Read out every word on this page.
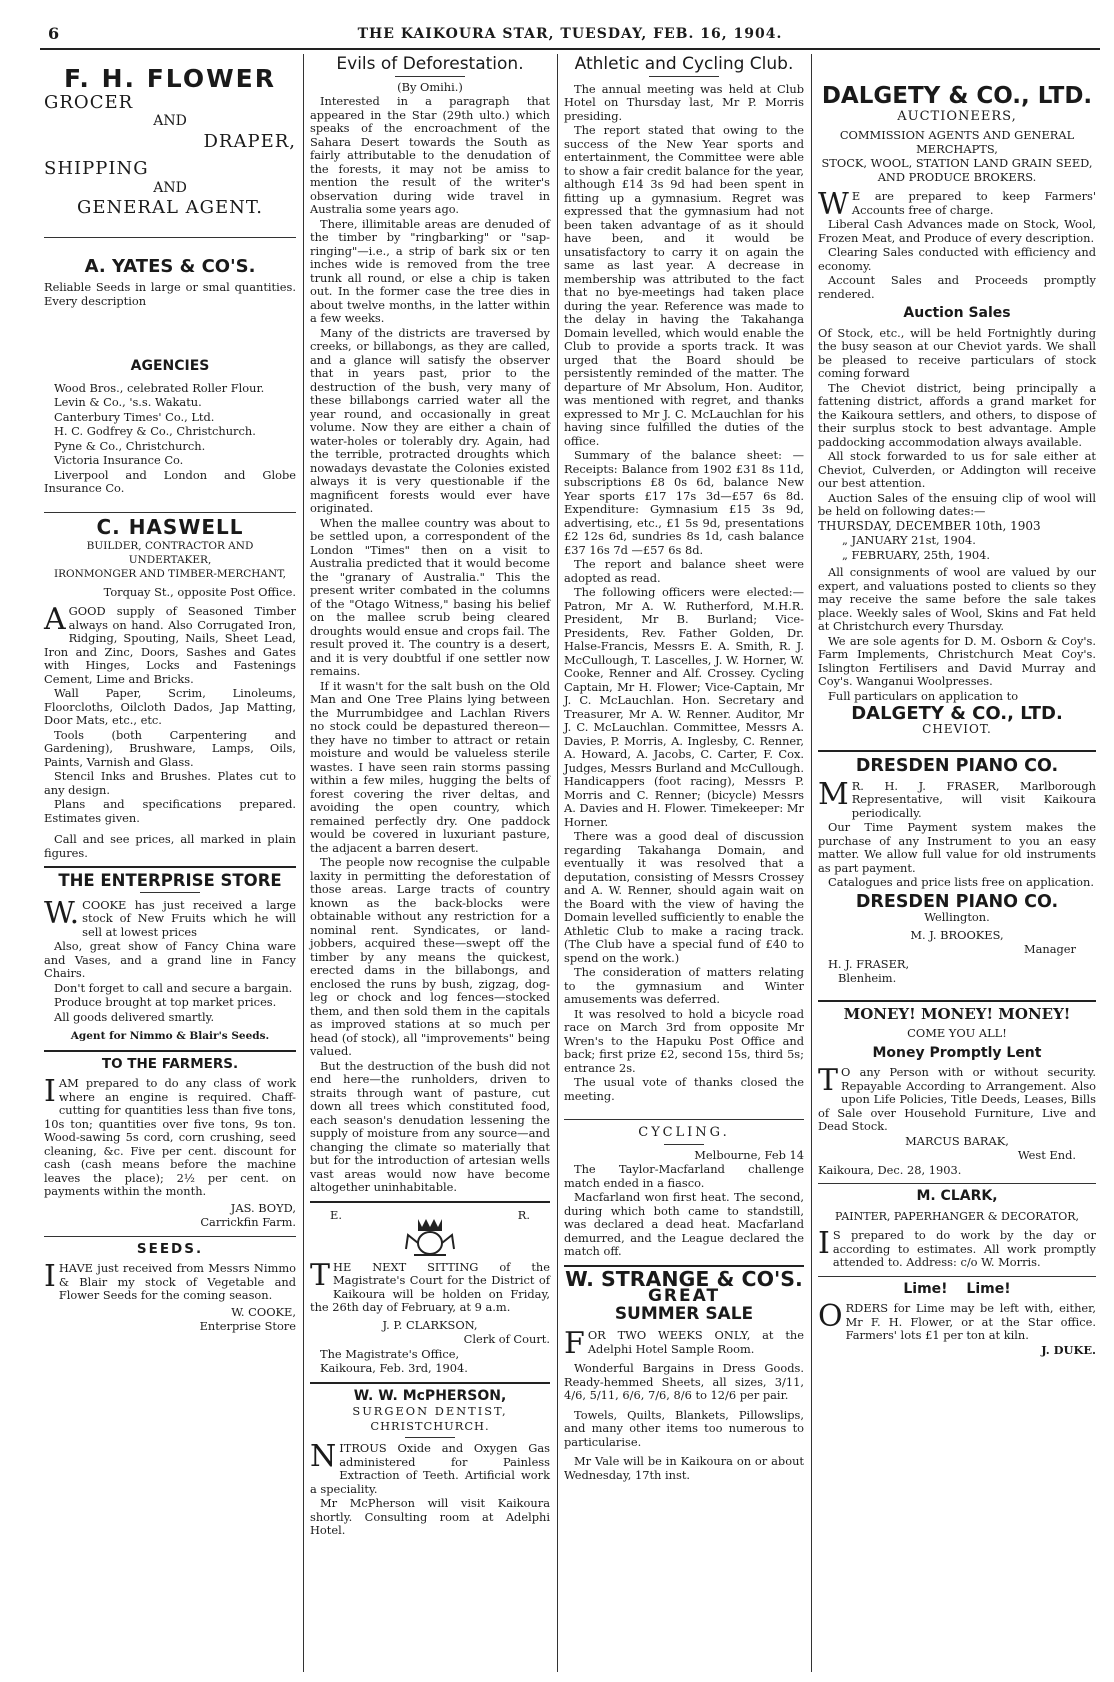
6	THE KAIKOURA STAR, TUESDAY, FEB. 16, 1904.
F. H. FLOWER
GROCER
AND
DRAPER,
SHIPPING
AND
GENERAL AGENT.
A. YATES & CO'S.

Reliable Seeds in large or smal quantities. Every description

AGENCIES

Wood Bros., celebrated Roller Flour.

Levin & Co., 's.s. Wakatu.

Canterbury Times' Co., Ltd.

H. C. Godfrey & Co., Christchurch.

Pyne & Co., Christchurch.

Victoria Insurance Co.

Liverpool and London and Globe Insurance Co.

C. HASWELL

BUILDER, CONTRACTOR AND UNDERTAKER,

IRONMONGER AND TIMBER-MERCHANT,

Torquay St., opposite Post Office.

AGOOD supply of Seasoned Timber always on hand. Also Corrugated Iron, Ridging, Spouting, Nails, Sheet Lead, Iron and Zinc, Doors, Sashes and Gates with Hinges, Locks and Fastenings Cement, Lime and Bricks.

Wall Paper, Scrim, Linoleums, Floorcloths, Oilcloth Dados, Jap Matting, Door Mats, etc., etc.

Tools (both Carpentering and Gardening), Brushware, Lamps, Oils, Paints, Varnish and Glass.

Stencil Inks and Brushes. Plates cut to any design.

Plans and specifications prepared. Estimates given.

Call and see prices, all marked in plain figures.

THE ENTERPRISE STORE

W. COOKE has just received a large stock of New Fruits which he will sell at lowest prices

Also, great show of Fancy China ware and Vases, and a grand line in Fancy Chairs.

Don't forget to call and secure a bargain.

Produce brought at top market prices.

All goods delivered smartly.

Agent for Nimmo & Blair's Seeds.

TO THE FARMERS.

IAM prepared to do any class of work where an engine is required. Chaff-cutting for quantities less than five tons, 10s ton; quantities over five tons, 9s ton. Wood-sawing 5s cord, corn crushing, seed cleaning, &c. Five per cent. discount for cash (cash means before the machine leaves the place); 2½ per cent. on payments within the month.

JAS. BOYD,

Carrickfin Farm.

SEEDS.

IHAVE just received from Messrs Nimmo & Blair my stock of Vegetable and Flower Seeds for the coming season.

W. COOKE,

Enterprise Store

Evils of Deforestation.

(By Omihi.)

Interested in a paragraph that appeared in the Star (29th ulto.) which speaks of the encroachment of the Sahara Desert towards the South as fairly attributable to the denudation of the forests, it may not be amiss to mention the result of the writer's observation during wide travel in Australia some years ago.

There, illimitable areas are denuded of the timber by "ringbarking" or "sap-ringing"—i.e., a strip of bark six or ten inches wide is removed from the tree trunk all round, or else a chip is taken out. In the former case the tree dies in about twelve months, in the latter within a few weeks.

Many of the districts are traversed by creeks, or billabongs, as they are called, and a glance will satisfy the observer that in years past, prior to the destruction of the bush, very many of these billabongs carried water all the year round, and occasionally in great volume. Now they are either a chain of water-holes or tolerably dry. Again, had the terrible, protracted droughts which nowadays devastate the Colonies existed always it is very questionable if the magnificent forests would ever have originated.

When the mallee country was about to be settled upon, a correspondent of the London "Times" then on a visit to Australia predicted that it would become the "granary of Australia." This the present writer combated in the columns of the "Otago Witness," basing his belief on the mallee scrub being cleared droughts would ensue and crops fail. The result proved it. The country is a desert, and it is very doubtful if one settler now remains.

If it wasn't for the salt bush on the Old Man and One Tree Plains lying between the Murrumbidgee and Lachlan Rivers no stock could be depastured thereon—they have no timber to attract or retain moisture and would be valueless sterile wastes. I have seen rain storms passing within a few miles, hugging the belts of forest covering the river deltas, and avoiding the open country, which remained perfectly dry. One paddock would be covered in luxuriant pasture, the adjacent a barren desert.

The people now recognise the culpable laxity in permitting the deforestation of those areas. Large tracts of country known as the back-blocks were obtainable without any restriction for a nominal rent. Syndicates, or land-jobbers, acquired these—swept off the timber by any means the quickest, erected dams in the billabongs, and enclosed the runs by bush, zigzag, dog-leg or chock and log fences—stocked them, and then sold them in the capitals as improved stations at so much per head (of stock), all "improvements" being valued.

But the destruction of the bush did not end here—the runholders, driven to straits through want of pasture, cut down all trees which constituted food, each season's denudation lessening the supply of moisture from any source—and changing the climate so materially that but for the introduction of artesian wells vast areas would now have become altogether uninhabitable.

E.	R.

THE NEXT SITTING of the Magistrate's Court for the District of Kaikoura will be holden on Friday, the 26th day of February, at 9 a.m.

J. P. CLARKSON,

Clerk of Court.

The Magistrate's Office,

Kaikoura, Feb. 3rd, 1904.

W. W. McPHERSON,

SURGEON DENTIST,

CHRISTCHURCH.

NITROUS Oxide and Oxygen Gas administered for Painless Extraction of Teeth. Artificial work a speciality.

Mr McPherson will visit Kaikoura shortly. Consulting room at Adelphi Hotel.

Athletic and Cycling Club.

The annual meeting was held at Club Hotel on Thursday last, Mr P. Morris presiding.

The report stated that owing to the success of the New Year sports and entertainment, the Committee were able to show a fair credit balance for the year, although £14 3s 9d had been spent in fitting up a gymnasium. Regret was expressed that the gymnasium had not been taken advantage of as it should have been, and it would be unsatisfactory to carry it on again the same as last year. A decrease in membership was attributed to the fact that no bye-meetings had taken place during the year. Reference was made to the delay in having the Takahanga Domain levelled, which would enable the Club to provide a sports track. It was urged that the Board should be persistently reminded of the matter. The departure of Mr Absolum, Hon. Auditor, was mentioned with regret, and thanks expressed to Mr J. C. McLauchlan for his having since fulfilled the duties of the office.

Summary of the balance sheet: —Receipts: Balance from 1902 £31 8s 11d, subscriptions £8 0s 6d, balance New Year sports £17 17s 3d—£57 6s 8d. Expenditure: Gymnasium £15 3s 9d, advertising, etc., £1 5s 9d, presentations £2 12s 6d, sundries 8s 1d, cash balance £37 16s 7d —£57 6s 8d.

The report and balance sheet were adopted as read.

The following officers were elected:—Patron, Mr A. W. Rutherford, M.H.R. President, Mr B. Burland; Vice-Presidents, Rev. Father Golden, Dr. Halse-Francis, Messrs E. A. Smith, R. J. McCullough, T. Lascelles, J. W. Horner, W. Cooke, Renner and Alf. Crossey. Cycling Captain, Mr H. Flower; Vice-Captain, Mr J. C. McLauchlan. Hon. Secretary and Treasurer, Mr A. W. Renner. Auditor, Mr J. C. McLauchlan. Committee, Messrs A. Davies, P. Morris, A. Inglesby, C. Renner, A. Howard, A. Jacobs, C. Carter, F. Cox. Judges, Messrs Burland and McCullough. Handicappers (foot racing), Messrs P. Morris and C. Renner; (bicycle) Messrs A. Davies and H. Flower. Timekeeper: Mr Horner.

There was a good deal of discussion regarding Takahanga Domain, and eventually it was resolved that a deputation, consisting of Messrs Crossey and A. W. Renner, should again wait on the Board with the view of having the Domain levelled sufficiently to enable the Athletic Club to make a racing track. (The Club have a special fund of £40 to spend on the work.)

The consideration of matters relating to the gymnasium and Winter amusements was deferred.

It was resolved to hold a bicycle road race on March 3rd from opposite Mr Wren's to the Hapuku Post Office and back; first prize £2, second 15s, third 5s; entrance 2s.

The usual vote of thanks closed the meeting.

CYCLING.

Melbourne, Feb 14

The Taylor-Macfarland challenge match ended in a fiasco.

Macfarland won first heat. The second, during which both came to standstill, was declared a dead heat. Macfarland demurred, and the League declared the match off.

W. STRANGE & CO'S.
GREAT
SUMMER SALE

FOR TWO WEEKS ONLY, at the Adelphi Hotel Sample Room.

Wonderful Bargains in Dress Goods. Ready-hemmed Sheets, all sizes, 3/11, 4/6, 5/11, 6/6, 7/6, 8/6 to 12/6 per pair.

Towels, Quilts, Blankets, Pillowslips, and many other items too numerous to particularise.

Mr Vale will be in Kaikoura on or about Wednesday, 17th inst.

DALGETY & CO., LTD.

AUCTIONEERS,

COMMISSION AGENTS AND GENERAL MERCHAPTS,

STOCK, WOOL, STATION LAND GRAIN SEED, AND PRODUCE BROKERS.

W E are prepared to keep Farmers' Accounts free of charge.

Liberal Cash Advances made on Stock, Wool, Frozen Meat, and Produce of every description.

Clearing Sales conducted with efficiency and economy.

Account Sales and Proceeds promptly rendered.

Auction Sales

Of Stock, etc., will be held Fortnightly during the busy season at our Cheviot yards. We shall be pleased to receive particulars of stock coming forward

The Cheviot district, being principally a fattening district, affords a grand market for the Kaikoura settlers, and others, to dispose of their surplus stock to best advantage. Ample paddocking accommodation always available.

All stock forwarded to us for sale either at Cheviot, Culverden, or Addington will receive our best attention.

Auction Sales of the ensuing clip of wool will be held on following dates:—

THURSDAY, DECEMBER 10th, 1903

„ JANUARY 21st, 1904.

„ FEBRUARY, 25th, 1904.

All consignments of wool are valued by our expert, and valuations posted to clients so they may receive the same before the sale takes place. Weekly sales of Wool, Skins and Fat held at Christchurch every Thursday.

We are sole agents for D. M. Osborn & Coy's. Farm Implements, Christchurch Meat Coy's. Islington Fertilisers and David Murray and Coy's. Wanganui Woolpresses.

Full particulars on application to

DALGETY & CO., LTD.

CHEVIOT.

DRESDEN PIANO CO.

M R. H. J. FRASER, Marlborough Representative, will visit Kaikoura periodically.

Our Time Payment system makes the purchase of any Instrument to you an easy matter. We allow full value for old instruments as part payment.

Catalogues and price lists free on application.

DRESDEN PIANO CO.

Wellington.

M. J. BROOKES,

Manager

H. J. FRASER,

Blenheim.

MONEY! MONEY! MONEY!

COME YOU ALL!

Money Promptly Lent

T O any Person with or without security. Repayable According to Arrangement. Also upon Life Policies, Title Deeds, Leases, Bills of Sale over Household Furniture, Live and Dead Stock.

MARCUS BARAK,

West End.

Kaikoura, Dec. 28, 1903.

M. CLARK,

PAINTER, PAPERHANGER & DECORATOR,

I S prepared to do work by the day or according to estimates. All work promptly attended to. Address: c/o W. Morris.

Lime! Lime!

ORDERS for Lime may be left with, either, Mr F. H. Flower, or at the Star office. Farmers' lots £1 per ton at kiln.

J. DUKE.
